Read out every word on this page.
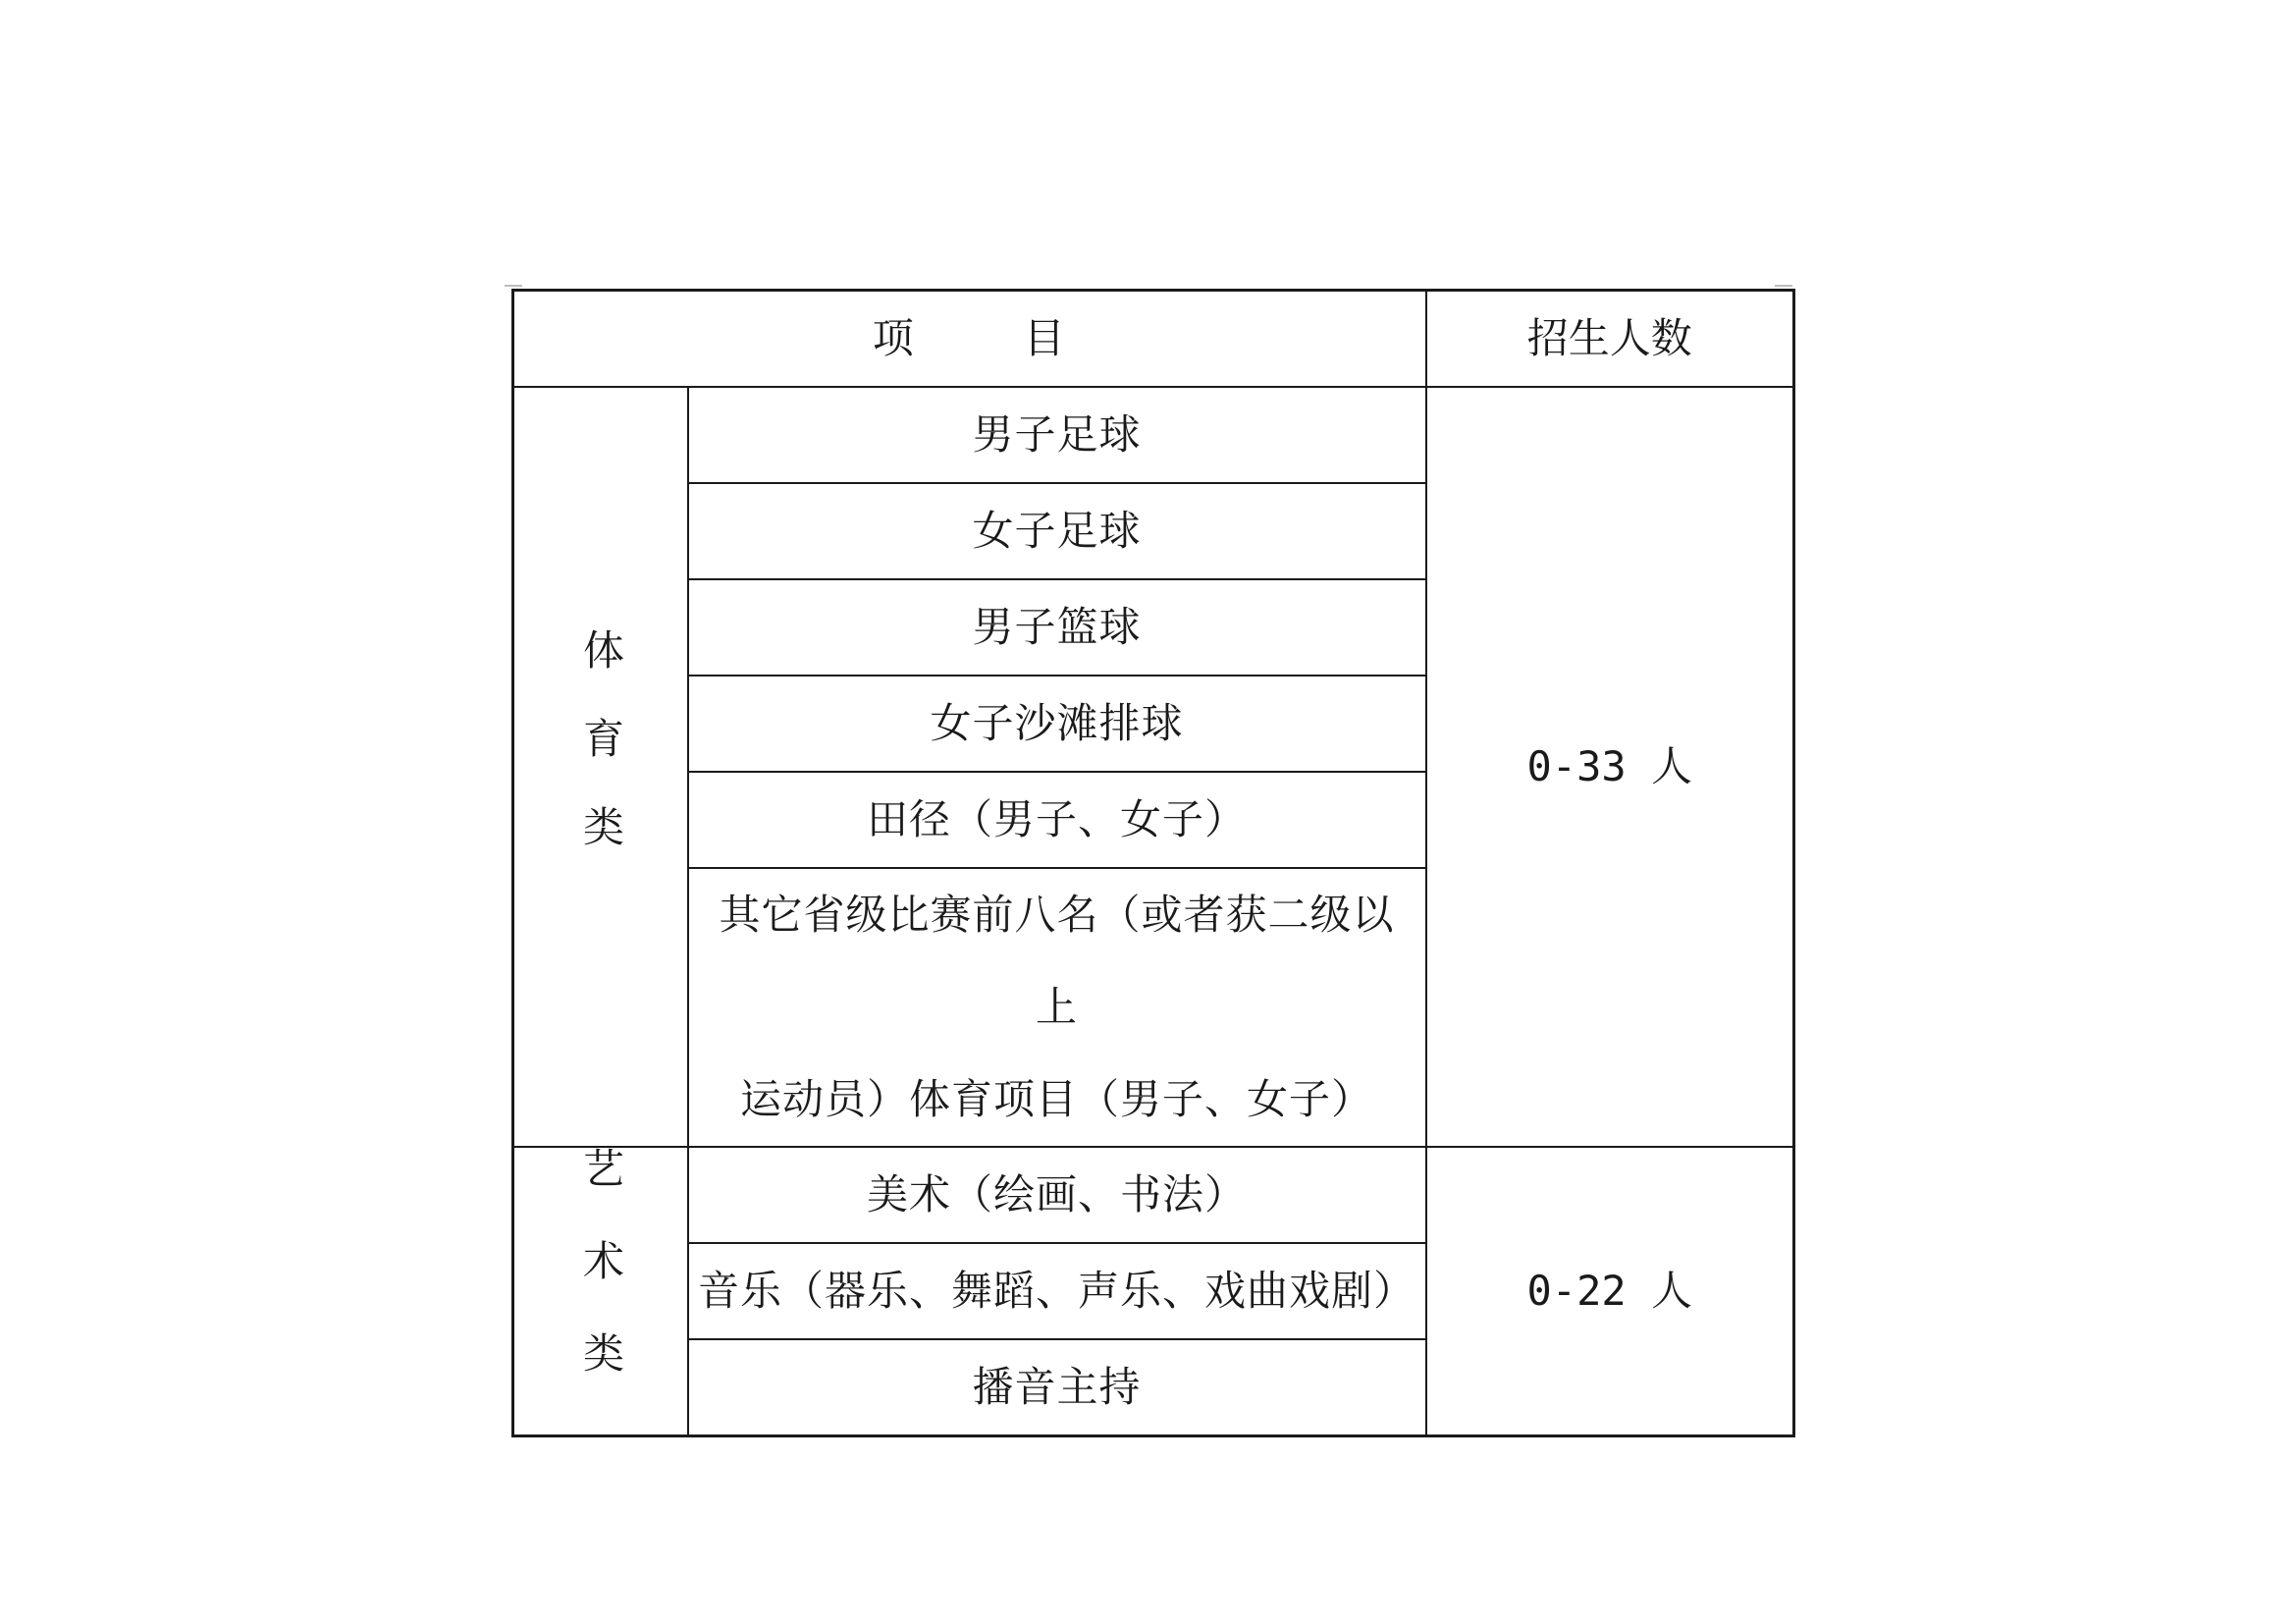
项 目		招生人数
体育类	男子足球	0-33 人
	女子足球	
	男子篮球	
	女子沙滩排球	
	田径（男子、女子）	

	其它省级比赛前八名（或者获二级以上
运动员）体育项目（男子、女子）	

艺术类	美术（绘画、书法）	0-22 人
	音乐（器乐、舞蹈、声乐、戏曲戏剧）	
	播音主持	
